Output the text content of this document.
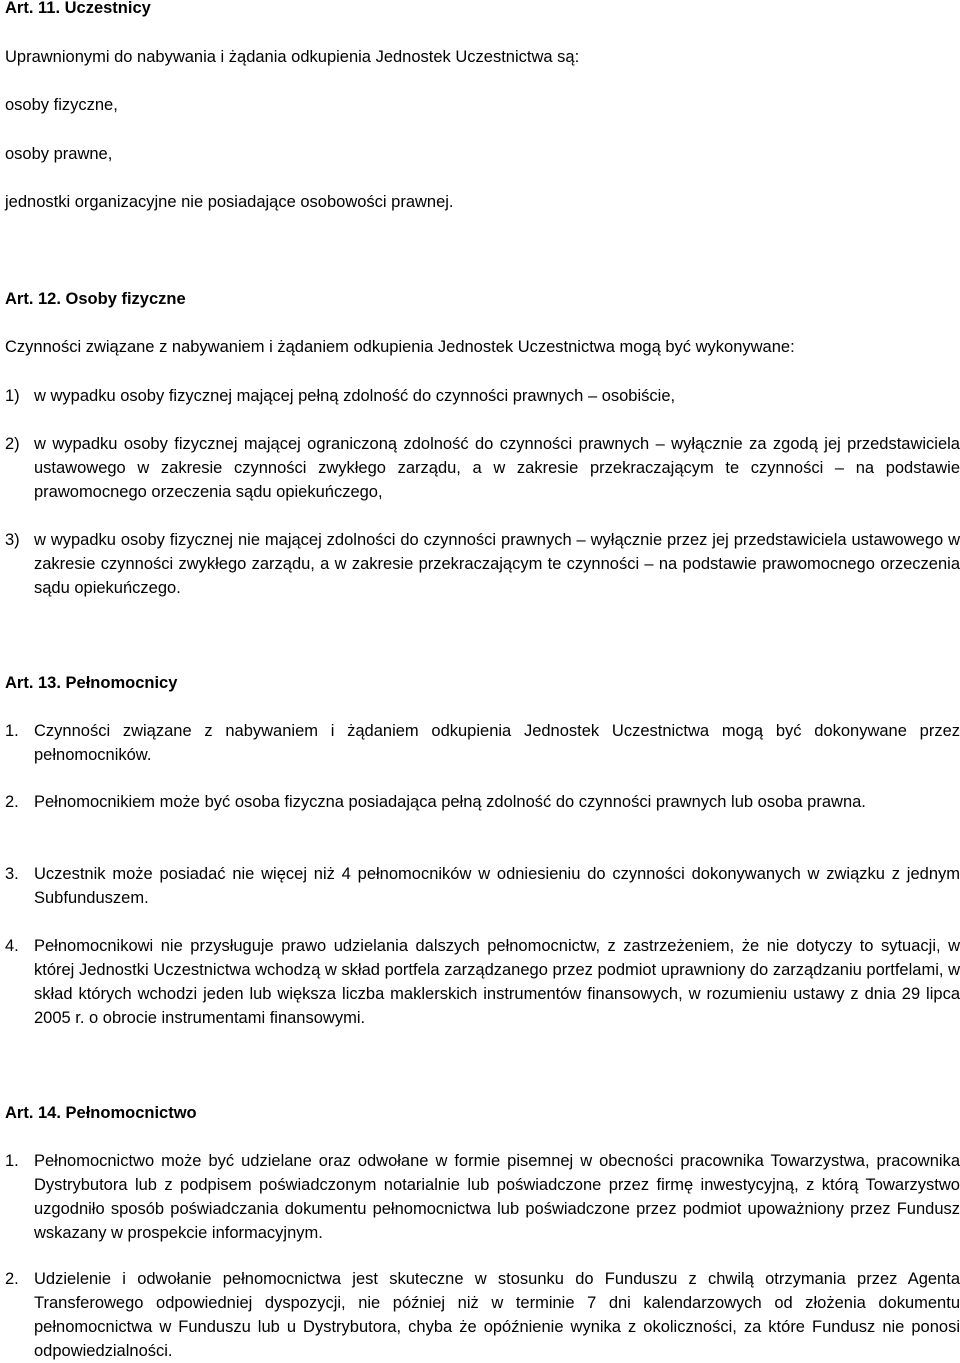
Art. 11. Uczestnicy

Uprawnionymi do nabywania i żądania odkupienia Jednostek Uczestnictwa są:

osoby fizyczne,

osoby prawne,

jednostki organizacyjne nie posiadające osobowości prawnej.

Art. 12. Osoby fizyczne

Czynności związane z nabywaniem i żądaniem odkupienia Jednostek Uczestnictwa mogą być wykonywane:

1) w wypadku osoby fizycznej mającej pełną zdolność do czynności prawnych – osobiście,
2) w wypadku osoby fizycznej mającej ograniczoną zdolność do czynności prawnych – wyłącznie za zgodą jej przedstawiciela ustawowego w zakresie czynności zwykłego zarządu, a w zakresie przekraczającym te czynności – na podstawie prawomocnego orzeczenia sądu opiekuńczego,
3) w wypadku osoby fizycznej nie mającej zdolności do czynności prawnych – wyłącznie przez jej przedstawiciela ustawowego w zakresie czynności zwykłego zarządu, a w zakresie przekraczającym te czynności – na podstawie prawomocnego orzeczenia sądu opiekuńczego.

Art. 13. Pełnomocnicy

1. Czynności związane z nabywaniem i żądaniem odkupienia Jednostek Uczestnictwa mogą być dokonywane przez pełnomocników.
2. Pełnomocnikiem może być osoba fizyczna posiadająca pełną zdolność do czynności prawnych lub osoba prawna.
3. Uczestnik może posiadać nie więcej niż 4 pełnomocników w odniesieniu do czynności dokonywanych w związku z jednym Subfunduszem.
4. Pełnomocnikowi nie przysługuje prawo udzielania dalszych pełnomocnictw, z zastrzeżeniem, że nie dotyczy to sytuacji, w której Jednostki Uczestnictwa wchodzą w skład portfela zarządzanego przez podmiot uprawniony do zarządzaniu portfelami, w skład których wchodzi jeden lub większa liczba maklerskich instrumentów finansowych, w rozumieniu ustawy z dnia 29 lipca 2005 r. o obrocie instrumentami finansowymi.

Art. 14. Pełnomocnictwo

1. Pełnomocnictwo może być udzielane oraz odwołane w formie pisemnej w obecności pracownika Towarzystwa, pracownika Dystrybutora lub z podpisem poświadczonym notarialnie lub poświadczone przez firmę inwestycyjną, z którą Towarzystwo uzgodniło sposób poświadczania dokumentu pełnomocnictwa lub poświadczone przez podmiot upoważniony przez Fundusz wskazany w prospekcie informacyjnym.
2. Udzielenie i odwołanie pełnomocnictwa jest skuteczne w stosunku do Funduszu z chwilą otrzymania przez Agenta Transferowego odpowiedniej dyspozycji, nie później niż w terminie 7 dni kalendarzowych od złożenia dokumentu pełnomocnictwa w Funduszu lub u Dystrybutora, chyba że opóźnienie wynika z okoliczności, za które Fundusz nie ponosi odpowiedzialności.
